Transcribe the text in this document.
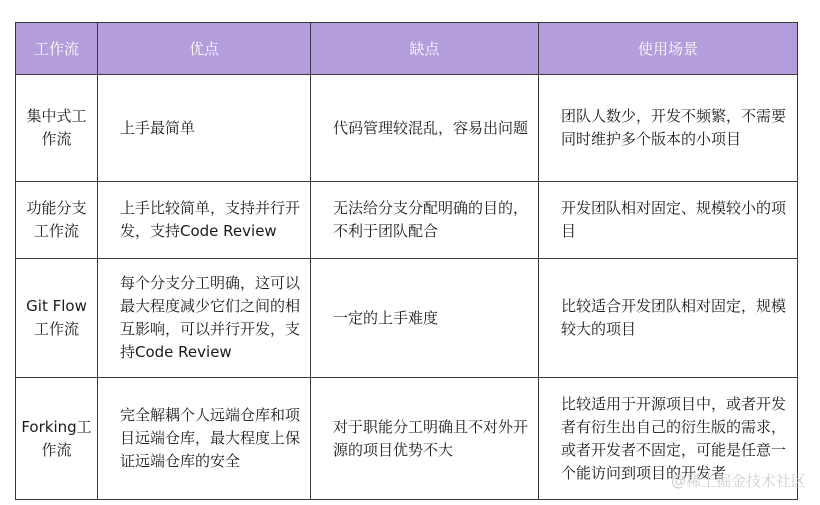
工作流	优点	缺点	使用场景
集中式工作流	上手最简单	代码管理较混乱，容易出问题	团队人数少，开发不频繁，不需要同时维护多个版本的小项目
功能分支工作流	上手比较简单，支持并行开发，支持Code Review	无法给分支分配明确的目的，不利于团队配合	开发团队相对固定、规模较小的项目
Git Flow工作流	每个分支分工明确，这可以最大程度减少它们之间的相互影响，可以并行开发，支持Code Review	一定的上手难度	比较适合开发团队相对固定，规模较大的项目
Forking工作流	完全解耦个人远端仓库和项目远端仓库，最大程度上保证远端仓库的安全	对于职能分工明确且不对外开源的项目优势不大	比较适用于开源项目中，或者开发者有衍生出自己的衍生版的需求，或者开发者不固定，可能是任意一个能访问到项目的开发者
@稀土掘金技术社区
